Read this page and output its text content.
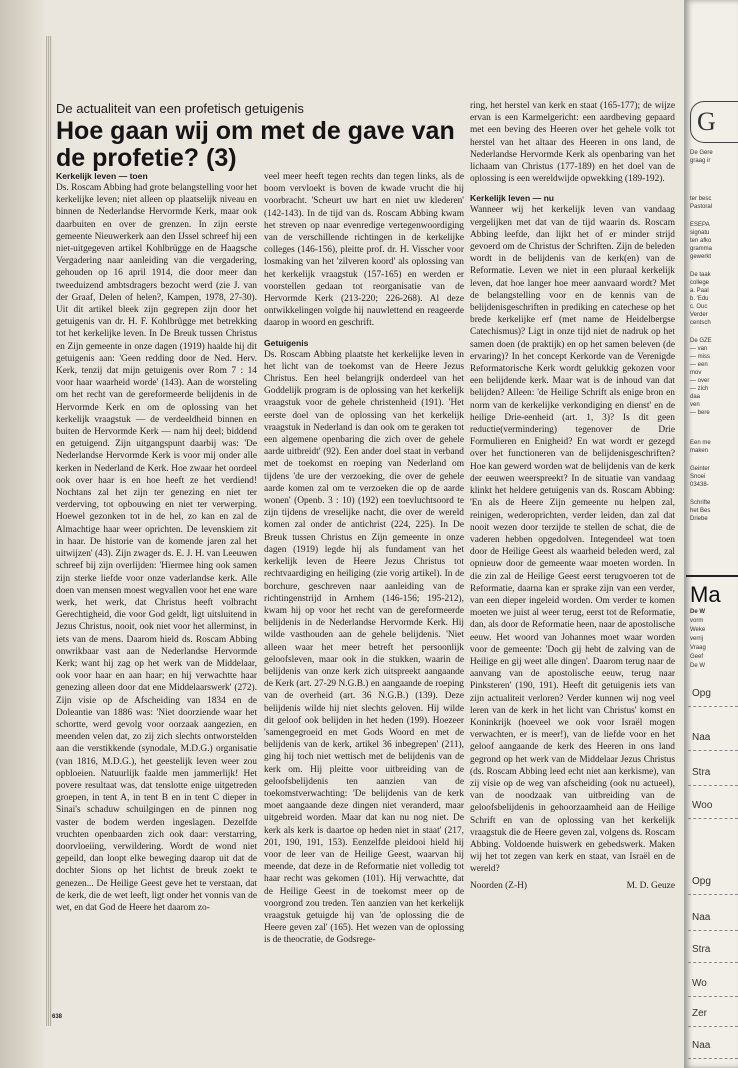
De actualiteit van een profetisch getuigenis
Hoe gaan wij om met de gave van de profetie? (3)
Kerkelijk leven — toen

Ds. Roscam Abbing had grote belangstelling voor het kerkelijke leven; niet alleen op plaatselijk niveau en binnen de Nederlandse Hervormde Kerk, maar ook daarbuiten en over de grenzen. In zijn eerste gemeente Nieuwerkerk aan den IJssel schreef hij een niet-uitgegeven artikel Kohlbrügge en de Haagsche Vergadering naar aanleiding van die vergadering, gehouden op 16 april 1914, die door meer dan tweeduizend ambtsdragers bezocht werd (zie J. van der Graaf, Delen of helen?, Kampen, 1978, 27-30). Uit dit artikel bleek zijn gegrepen zijn door het getuigenis van dr. H. F. Kohlbrügge met betrekking tot het kerkelijke leven. In De Breuk tussen Christus en Zijn gemeente in onze dagen (1919) haalde hij dit getuigenis aan: 'Geen redding door de Ned. Herv. Kerk, tenzij dat mijn getuigenis over Rom 7 : 14 voor haar waarheid worde' (143). Aan de worsteling om het recht van de gereformeerde belijdenis in de Hervormde Kerk en om de oplossing van het kerkelijk vraagstuk — de verdeeldheid binnen en buiten de Hervormde Kerk — nam hij deel; biddend en getuigend. Zijn uitgangspunt daarbij was: 'De Nederlandse Hervormde Kerk is voor mij onder alle kerken in Nederland de Kerk. Hoe zwaar het oordeel ook over haar is en hoe heeft ze het verdiend! Nochtans zal het zijn ter genezing en niet ter verderving, tot opbouwing en niet ter verwerping. Hoewel gezonken tot in de hel, zo kan en zal de Almachtige haar weer oprichten. De levenskiem zit in haar. De historie van de komende jaren zal het uitwijzen' (43). Zijn zwager ds. E. J. H. van Leeuwen schreef bij zijn overlijden: 'Hiermee hing ook samen zijn sterke liefde voor onze vaderlandse kerk. Alle doen van mensen moest wegvallen voor het ene ware werk, het werk, dat Christus heeft volbracht Gerechtigheid, die voor God geldt, ligt uitsluitend in Jezus Christus, nooit, ook niet voor het allerminst, in iets van de mens. Daarom hield ds. Roscam Abbing onwrikbaar vast aan de Nederlandse Hervormde Kerk; want hij zag op het werk van de Middelaar, ook voor haar en aan haar; en hij verwachtte haar genezing alleen door dat ene Middelaarswerk' (272). Zijn visie op de Afscheiding van 1834 en de Doleantie van 1886 was: 'Niet doorziende waar het schortte, werd gevolg voor oorzaak aangezien, en meenden velen dat, zo zij zich slechts ontworstelden aan die verstikkende (synodale, M.D.G.) organisatie (van 1816, M.D.G.), het geestelijk leven weer zou opbloeien. Natuurlijk faalde men jammerlijk! Het povere resultaat was, dat tenslotte enige uitgetreden groepen, in tent A, in tent B en in tent C dieper in Sinai's schaduw schuilgingen en de pinnen nog vaster de bodem werden ingeslagen. Dezelfde vruchten openbaarden zich ook daar: verstarring, doorvloeiing, verwildering. Wordt de wond niet gepeild, dan loopt elke beweging daarop uit dat de dochter Sions op het lichtst de breuk zoekt te genezen... De Heilige Geest geve het te verstaan, dat de kerk, die de wet leeft, ligt onder het vonnis van de wet, en dat God de Heere het daarom zo-

veel meer heeft tegen rechts dan tegen links, als de boom vervloekt is boven de kwade vrucht die hij voorbracht. 'Scheurt uw hart en niet uw klederen' (142-143). In de tijd van ds. Roscam Abbing kwam het streven op naar evenredige vertegenwoordiging van de verschillende richtingen in de kerkelijke colleges (146-156), pleitte prof. dr. H. Visscher voor losmaking van het 'zilveren koord' als oplossing van het kerkelijk vraagstuk (157-165) en werden er voorstellen gedaan tot reorganisatie van de Hervormde Kerk (213-220; 226-268). Al deze ontwikkelingen volgde hij nauwlettend en reageerde daarop in woord en geschrift.

Getuigenis

Ds. Roscam Abbing plaatste het kerkelijke leven in het licht van de toekomst van de Heere Jezus Christus. Een heel belangrijk onderdeel van het Goddelijk program is de oplossing van het kerkelijk vraagstuk voor de gehele christenheid (191). 'Het eerste doel van de oplossing van het kerkelijk vraagstuk in Nederland is dan ook om te geraken tot een algemene openbaring die zich over de gehele aarde uitbreidt' (92). Een ander doel staat in verband met de toekomst en roeping van Nederland om tijdens 'de ure der verzoeking, die over de gehele aarde komen zal om te verzoeken die op de aarde wonen' (Openb. 3 : 10) (192) een toevluchtsoord te zijn tijdens de vreselijke nacht, die over de wereld komen zal onder de antichrist (224, 225). In De Breuk tussen Christus en Zijn gemeente in onze dagen (1919) legde hij als fundament van het kerkelijk leven de Heere Jezus Christus tot rechtvaardiging en heiliging (zie vorig artikel). In de borchure, geschreven naar aanleiding van de richtingenstrijd in Arnhem (146-156; 195-212), kwam hij op voor het recht van de gereformeerde belijdenis in de Nederlandse Hervormde Kerk. Hij wilde vasthouden aan de gehele belijdenis. 'Niet alleen waar het meer betreft het persoonlijk geloofsleven, maar ook in die stukken, waarin de belijdenis van onze kerk zich uitspreekt aangaande de Kerk (art. 27-29 N.G.B.) en aangaande de roeping van de overheid (art. 36 N.G.B.) (139). Deze belijdenis wilde hij niet slechts geloven. Hij wilde dit geloof ook belijden in het heden (199). Hoezeer 'samengegroeid en met Gods Woord en met de belijdenis van de kerk, artikel 36 inbegrepen' (211), ging hij toch niet wettisch met de belijdenis van de kerk om. Hij pleitte voor uitbreiding van de geloofsbelijdenis ten aanzien van de toekomstverwachting: 'De belijdenis van de kerk moet aangaande deze dingen niet veranderd, maar uitgebreid worden. Maar dat kan nu nog niet. De kerk als kerk is daartoe op heden niet in staat' (217, 201, 190, 191, 153). Eenzelfde pleidooi hield hij voor de leer van de Heilige Geest, waarvan hij meende, dat deze in de Reformatie niet volledig tot haar recht was gekomen (101). Hij verwachtte, dat de Heilige Geest in de toekomst meer op de voorgrond zou treden. Ten aanzien van het kerkelijk vraagstuk getuigde hij van 'de oplossing die de Heere geven zal' (165). Het wezen van de oplossing is de theocratie, de Godsrege-

ring, het herstel van kerk en staat (165-177); de wijze ervan is een Karmelgericht: een aardbeving gepaard met een beving des Heeren over het gehele volk tot herstel van het altaar des Heeren in ons land, de Nederlandse Hervormde Kerk als openbaring van het lichaam van Christus (177-189) en het doel van de oplossing is een wereldwijde opwekking (189-192).

Kerkelijk leven — nu

Wanneer wij het kerkelijk leven van vandaag vergelijken met dat van de tijd waarin ds. Roscam Abbing leefde, dan lijkt het of er minder strijd gevoerd om de Christus der Schriften. Zijn de beleden wordt in de belijdenis van de kerk(en) van de Reformatie. Leven we niet in een pluraal kerkelijk leven, dat hoe langer hoe meer aanvaard wordt? Met de belangstelling voor en de kennis van de belijdenisgeschriften in prediking en catechese op het brede kerkelijke erf (met name de Heidelbergse Catechismus)? Ligt in onze tijd niet de nadruk op het samen doen (de praktijk) en op het samen beleven (de ervaring)? In het concept Kerkorde van de Verenigde Reformatorische Kerk wordt gelukkig gekozen voor een belijdende kerk. Maar wat is de inhoud van dat belijden? Alleen: 'de Heilige Schrift als enige bron en norm van de kerkelijke verkondiging en dienst' en de heilige Drie-eenheid (art. 1, 3)? Is dit geen reductie(vermindering) tegenover de Drie Formulieren en Enigheid? En wat wordt er gezegd over het functioneren van de belijdenisgeschriften? Hoe kan gewerd worden wat de belijdenis van de kerk der eeuwen weerspreekt? In de situatie van vandaag klinkt het heldere getuigenis van ds. Roscam Abbing: 'En als de Heere Zijn gemeente nu helpen zal, reinigen, wederoprichten, verder leiden, dan zal dat nooit wezen door terzijde te stellen de schat, die de vaderen hebben opgedolven. Integendeel wat toen door de Heilige Geest als waarheid beleden werd, zal opnieuw door de gemeente waar moeten worden. In die zin zal de Heilige Geest eerst terugvoeren tot de Reformatie, daarna kan er sprake zijn van een verder, van een dieper ingeleid worden. Om verder te komen moeten we juist al weer terug, eerst tot de Reformatie, dan, als door de Reformatie heen, naar de apostolische eeuw. Het woord van Johannes moet waar worden voor de gemeente: 'Doch gij hebt de zalving van de Heilige en gij weet alle dingen'. Daarom terug naar de aanvang van de apostolische eeuw, terug naar Pinksteren' (190, 191). Heeft dit getuigenis iets van zijn actualiteit verloren? Verder kunnen wij nog veel leren van de kerk in het licht van Christus' komst en Koninkrijk (hoeveel we ook voor Israël mogen verwachten, er is meer!), van de liefde voor en het geloof aangaande de kerk des Heeren in ons land gegrond op het werk van de Middelaar Jezus Christus (ds. Roscam Abbing leed echt niet aan kerkisme), van zij visie op de weg van afscheiding (ook nu actueel), van de noodzaak van uitbreiding van de geloofsbelijdenis in gehoorzaamheid aan de Heilige Schrift en van de oplossing van het kerkelijk vraagstuk die de Heere geven zal, volgens ds. Roscam Abbing. Voldoende huiswerk en gebedswerk. Maken wij het tot zegen van kerk en staat, van Israël en de wereld?

Noorden (Z-H)	M. D. Geuze
638
G
De Gere
graag ir
ter besc
Pastoral
ESEPA
signatu
ten afko
gramma
gewerkt
De taak
college
a. Paal
b. 'Edu
c. Ouc
Verder
centsch
De GZE
— van
— miss
— een
mov
— over
— zich
daa
ven
— bere
Een me
maken
Geinter
Snoei
03438-
Schrifte
het Bes
Driebe
Ma
De W
vorm
Weke
verrij
Vraag
Geef
De W
Opg
Naa
Stra
Woo
Opg
Naa
Stra
Wo
Zer
Naa
